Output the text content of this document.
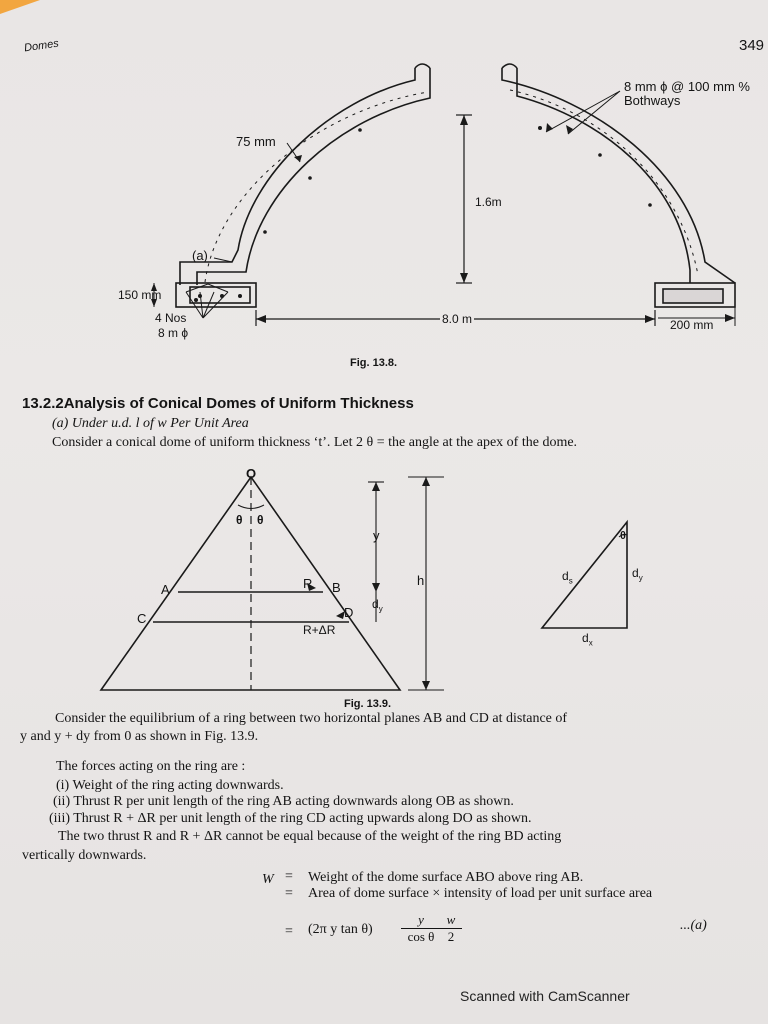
Domes	349
75 mm
(a)
150 mm
4 Nos
8 m ϕ
1.6m
8.0 m	200 mm
8 mm ϕ @ 100 mm %
Bothways
Fig. 13.8.
13.2.2Analysis of Conical Domes of Uniform Thickness
(a) Under u.d. l of w Per Unit Area
Consider a conical dome of uniform thickness ‘t’. Let 2 θ = the angle at the apex of the dome.
O
θ θ
A	B
C	D
R
R+ΔR
y
h
$d_y$
θ
$d_s$
$d_y$
$d_x$
Fig. 13.9.
Consider the equilibrium of a ring between two horizontal planes AB and CD at distance of
y and y + dy from 0 as shown in Fig. 13.9.
The forces acting on the ring are :
(i) Weight of the ring acting downwards.
(ii) Thrust R per unit length of the ring AB acting downwards along OB as shown.
(iii) Thrust R + ΔR per unit length of the ring CD acting upwards along DO as shown.
The two thrust R and R + ΔR cannot be equal because of the weight of the ring BD acting
vertically downwards.
W = Weight of the dome surface ABO above ring AB.
= Area of dome surface × intensity of load per unit surface area
= (2π y $\tan \theta) \frac{y}{\text{cos θ}}$
$\frac{w}{2}$	...(a)
Scanned with CamScanner
